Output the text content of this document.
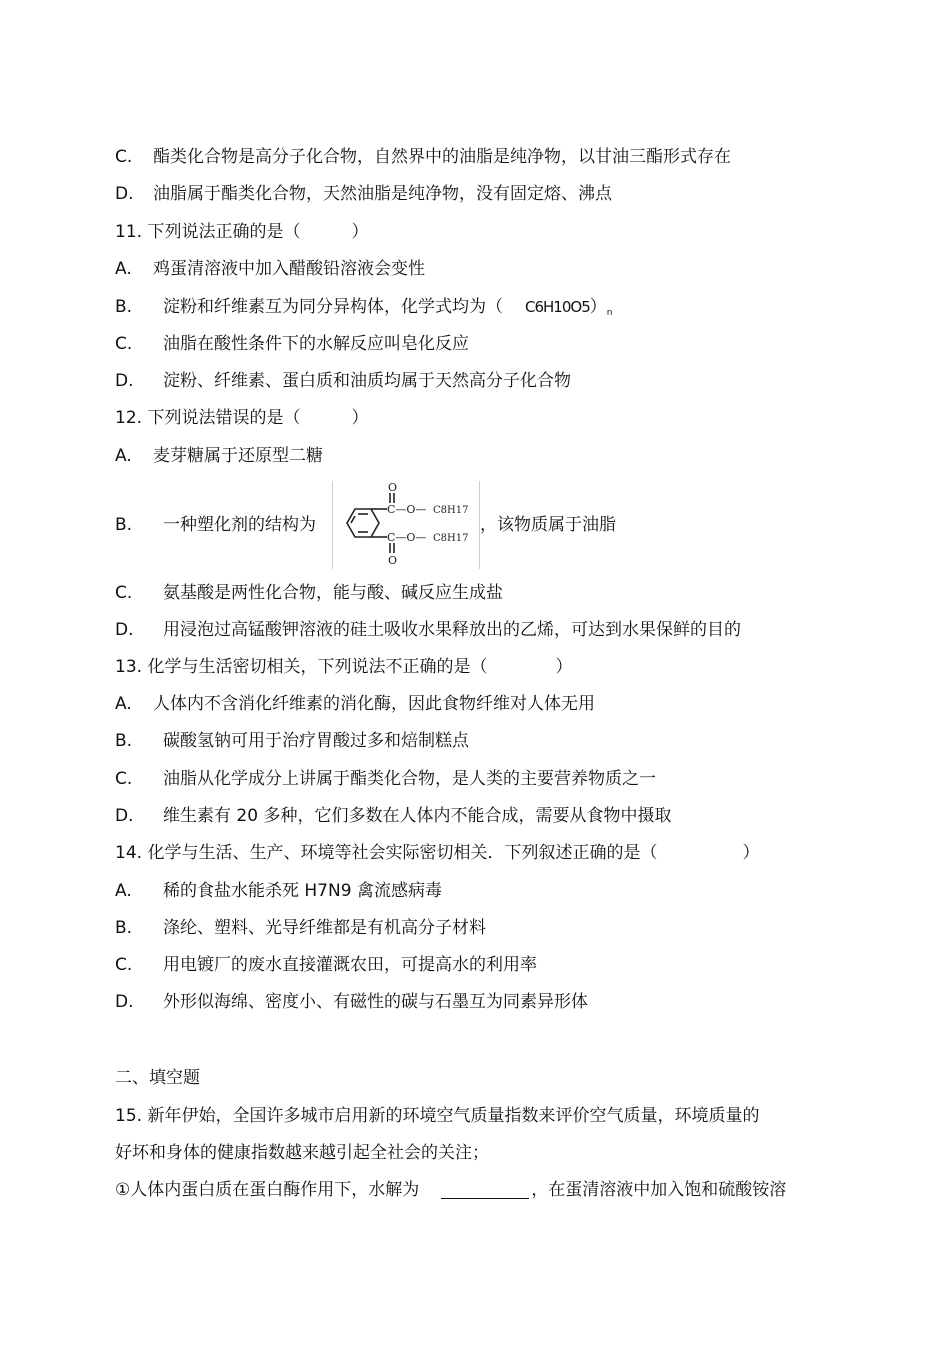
C. 酯类化合物是高分子化合物，自然界中的油脂是纯净物，以甘油三酯形式存在
D. 油脂属于酯类化合物，天然油脂是纯净物，没有固定熔、沸点
11. 下列说法正确的是（　　　）
A. 鸡蛋清溶液中加入醋酸铅溶液会变性
B. 淀粉和纤维素互为同分异构体，化学式均为（ $C6H10O5)_n$
C. 油脂在酸性条件下的水解反应叫皂化反应
D. 淀粉、纤维素、蛋白质和油质均属于天然高分子化合物
12. 下列说法错误的是（　　　）
A. 麦芽糖属于还原型二糖
B. 一种塑化剂的结构为	，该物质属于油脂
O
C—O— C8H17
C—O— C8H17
O
C. 氨基酸是两性化合物，能与酸、碱反应生成盐
D. 用浸泡过高锰酸钾溶液的硅土吸收水果释放出的乙烯，可达到水果保鲜的目的
13. 化学与生活密切相关，下列说法不正确的是（　　　　）
A. 人体内不含消化纤维素的消化酶，因此食物纤维对人体无用
B. 碳酸氢钠可用于治疗胃酸过多和焙制糕点
C. 油脂从化学成分上讲属于酯类化合物，是人类的主要营养物质之一
D. 维生素有 20 多种，它们多数在人体内不能合成，需要从食物中摄取
14. 化学与生活、生产、环境等社会实际密切相关．下列叙述正确的是（　　　　　）
A. 稀的食盐水能杀死 H7N9 禽流感病毒
B. 涤纶、塑料、光导纤维都是有机高分子材料
C. 用电镀厂的废水直接灌溉农田，可提高水的利用率
D. 外形似海绵、密度小、有磁性的碳与石墨互为同素异形体
二、填空题
15. 新年伊始，全国许多城市启用新的环境空气质量指数来评价空气质量，环境质量的
好坏和身体的健康指数越来越引起全社会的关注；
①人体内蛋白质在蛋白酶作用下，水解为	，在蛋清溶液中加入饱和硫酸铵溶
